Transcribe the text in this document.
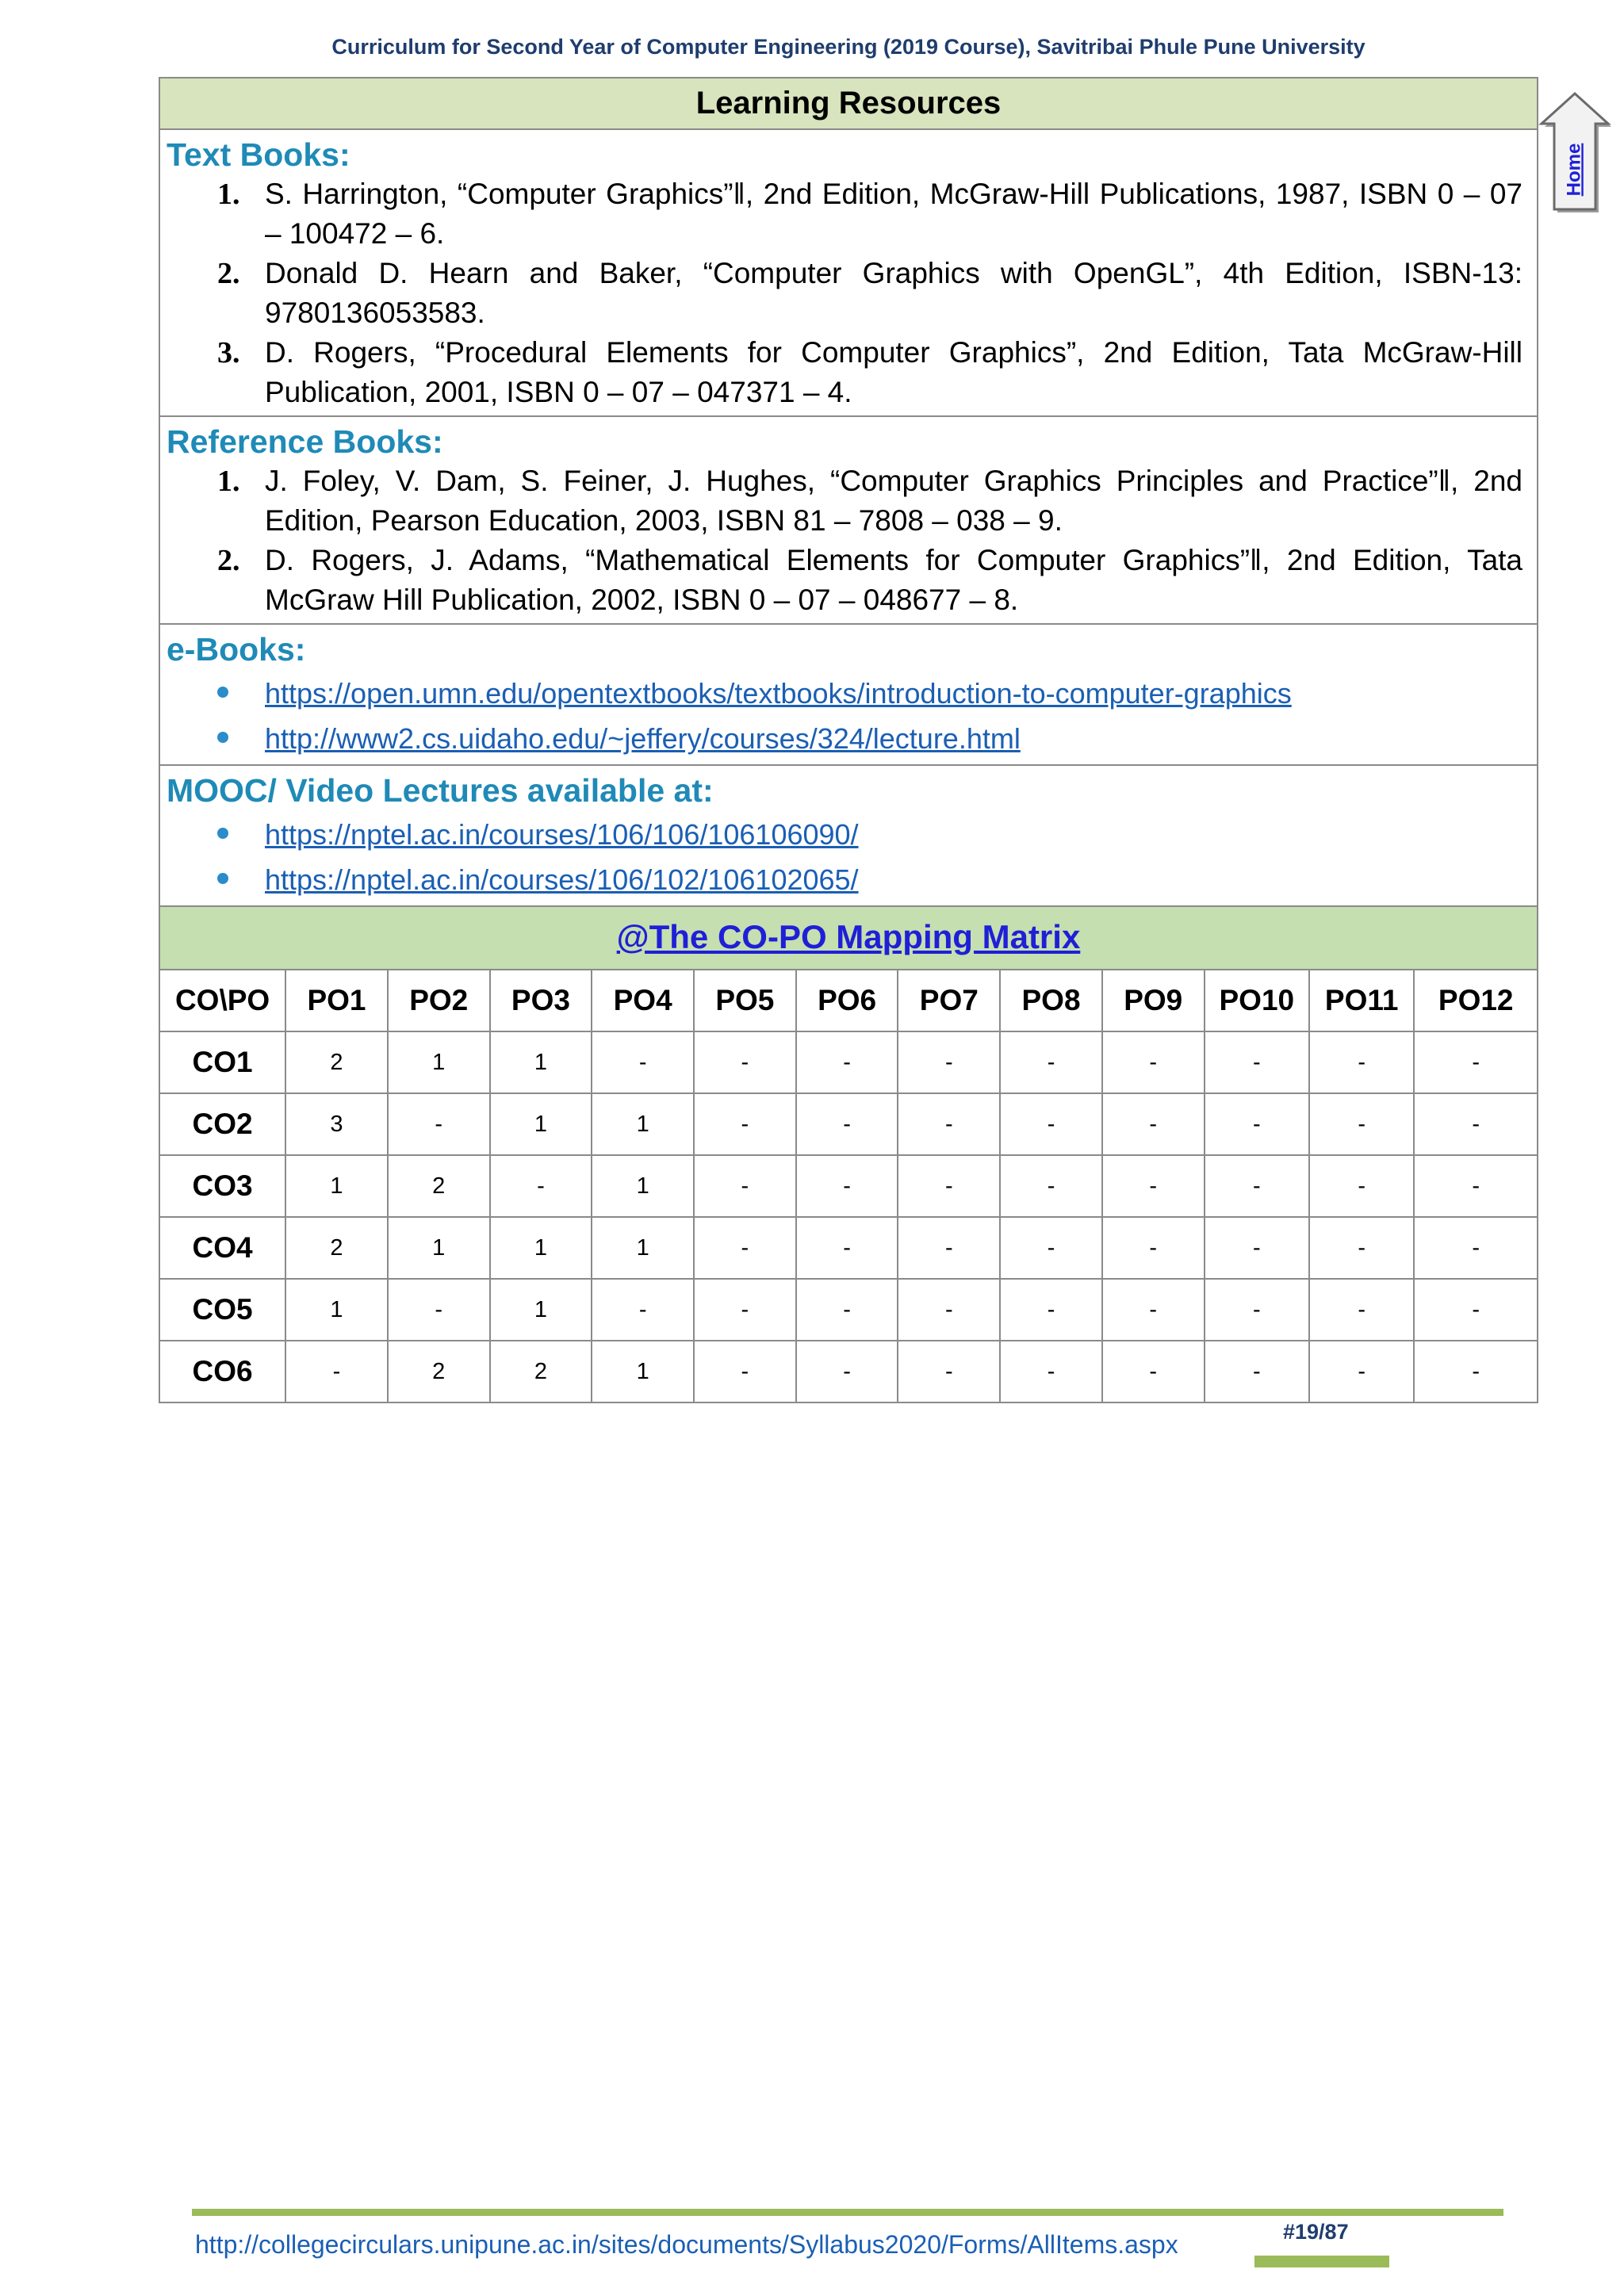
Curriculum for Second Year of Computer Engineering (2019 Course), Savitribai Phule Pune University
Learning Resources
Text Books:
1. S. Harrington, “Computer Graphics”‖, 2nd Edition, McGraw-Hill Publications, 1987, ISBN 0 – 07 – 100472 – 6.
2. Donald D. Hearn and Baker, “Computer Graphics with OpenGL”, 4th Edition, ISBN-13: 9780136053583.
3. D. Rogers, “Procedural Elements for Computer Graphics”, 2nd Edition, Tata McGraw-Hill Publication, 2001, ISBN 0 – 07 – 047371 – 4.
Reference Books:
1. J. Foley, V. Dam, S. Feiner, J. Hughes, “Computer Graphics Principles and Practice”‖, 2nd Edition, Pearson Education, 2003, ISBN 81 – 7808 – 038 – 9.
2. D. Rogers, J. Adams, “Mathematical Elements for Computer Graphics”‖, 2nd Edition, Tata McGraw Hill Publication, 2002, ISBN 0 – 07 – 048677 – 8.
e-Books:
https://open.umn.edu/opentextbooks/textbooks/introduction-to-computer-graphics
http://www2.cs.uidaho.edu/~jeffery/courses/324/lecture.html
MOOC/ Video Lectures available at:
https://nptel.ac.in/courses/106/106/106106090/
https://nptel.ac.in/courses/106/102/106102065/
@The CO-PO Mapping Matrix
CO\PO	PO1	PO2	PO3	PO4	PO5	PO6	PO7	PO8	PO9	PO10	PO11	PO12
CO1	2	1	1	-	-	-	-	-	-	-	-	-
CO2	3	-	1	1	-	-	-	-	-	-	-	-
CO3	1	2	-	1	-	-	-	-	-	-	-	-
CO4	2	1	1	1	-	-	-	-	-	-	-	-
CO5	1	-	1	-	-	-	-	-	-	-	-	-
CO6	-	2	2	1	-	-	-	-	-	-	-	-
Home
#19/87
http://collegecirculars.unipune.ac.in/sites/documents/Syllabus2020/Forms/AllItems.aspx
